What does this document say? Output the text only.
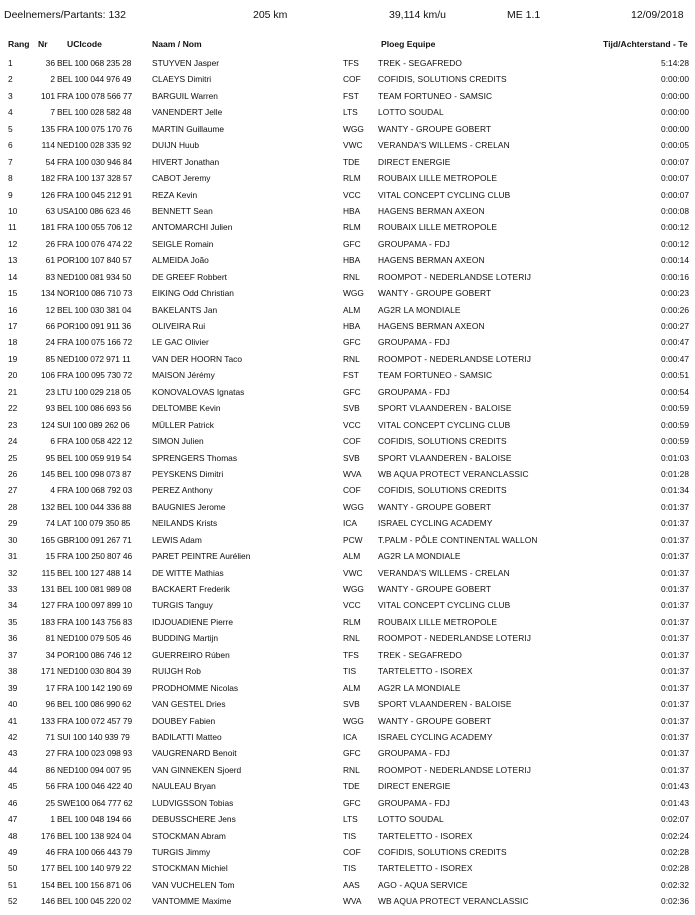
Deelnemers/Partants: 132	205 km	39,114 km/u	ME 1.1	12/09/2018
Rang Nr UCIcode	Naam / Nom	Ploeg Equipe	Tijd/Achterstand - Te
1	36 BEL 100 068 235 28 STUYVEN Jasper	TFS TREK - SEGAFREDO	5:14:28
2	2 BEL 100 044 976 49 CLAEYS Dimitri	COF COFIDIS, SOLUTIONS CREDITS	0:00:00
3	101 FRA 100 078 566 77 BARGUIL Warren	FST TEAM FORTUNEO - SAMSIC	0:00:00
4	7 BEL 100 028 582 48 VANENDERT Jelle	LTS LOTTO SOUDAL	0:00:00
5	135 FRA 100 075 170 76 MARTIN Guillaume	WGG WANTY - GROUPE GOBERT	0:00:00
6	114 NED100 028 335 92 DUIJN Huub	VWC VERANDA'S WILLEMS - CRELAN	0:00:05
7	54 FRA 100 030 946 84 HIVERT Jonathan	TDE DIRECT ENERGIE	0:00:07
8	182 FRA 100 137 328 57 CABOT Jeremy	RLM ROUBAIX LILLE METROPOLE	0:00:07
9	126 FRA 100 045 212 91 REZA Kevin	VCC VITAL CONCEPT CYCLING CLUB	0:00:07
10	63 USA100 086 623 46	BENNETT Sean	HBA HAGENS BERMAN AXEON	0:00:08
11	181 FRA 100 055 706 12 ANTOMARCHI Julien	RLM ROUBAIX LILLE METROPOLE	0:00:12
12	26 FRA 100 076 474 22 SEIGLE Romain	GFC GROUPAMA - FDJ	0:00:12
13	61 POR100 107 840 57 ALMEIDA João	HBA HAGENS BERMAN AXEON	0:00:14
14	83 NED100 081 934 50 DE GREEF Robbert	RNL ROOMPOT - NEDERLANDSE LOTERIJ	0:00:16
15	134 NOR100 086 710 73 EIKING Odd Christian	WGG WANTY - GROUPE GOBERT	0:00:23
16	12 BEL 100 030 381 04 BAKELANTS Jan	ALM AG2R LA MONDIALE	0:00:26
17	66 POR100 091 911 36 OLIVEIRA Rui	HBA HAGENS BERMAN AXEON	0:00:27
18	24 FRA 100 075 166 72 LE GAC Olivier	GFC GROUPAMA - FDJ	0:00:47
19	85 NED100 072 971 11	VAN DER HOORN Taco	RNL ROOMPOT - NEDERLANDSE LOTERIJ	0:00:47
20	106 FRA 100 095 730 72 MAISON Jérémy	FST TEAM FORTUNEO - SAMSIC	0:00:51
21	23 LTU 100 029 218 05	KONOVALOVAS Ignatas	GFC GROUPAMA - FDJ	0:00:54
22	93 BEL 100 086 693 56 DELTOMBE Kevin	SVB SPORT VLAANDEREN - BALOISE	0:00:59
23	124 SUI 100 089 262 06	MÜLLER Patrick	VCC VITAL CONCEPT CYCLING CLUB	0:00:59
24	6 FRA 100 058 422 12 SIMON Julien	COF COFIDIS, SOLUTIONS CREDITS	0:00:59
25	95 BEL 100 059 919 54 SPRENGERS Thomas	SVB SPORT VLAANDEREN - BALOISE	0:01:03
26	145 BEL 100 098 073 87 PEYSKENS Dimitri	WVA WB AQUA PROTECT VERANCLASSIC	0:01:28
27	4 FRA 100 068 792 03 PEREZ Anthony	COF COFIDIS, SOLUTIONS CREDITS	0:01:34
28	132 BEL 100 044 336 88 BAUGNIES Jerome	WGG WANTY - GROUPE GOBERT	0:01:37
29	74 LAT 100 079 350 85	NEILANDS Krists	ICA	ISRAEL CYCLING ACADEMY	0:01:37
30	165 GBR100 091 267 71 LEWIS Adam	PCW T.PALM - PÔLE CONTINENTAL WALLON	0:01:37
31	15 FRA 100 250 807 46 PARET PEINTRE Aurélien	ALM AG2R LA MONDIALE	0:01:37
32	115 BEL 100 127 488 14 DE WITTE Mathias	VWC VERANDA'S WILLEMS - CRELAN	0:01:37
33	131 BEL 100 081 989 08 BACKAERT Frederik	WGG WANTY - GROUPE GOBERT	0:01:37
34	127 FRA 100 097 899 10 TURGIS Tanguy	VCC VITAL CONCEPT CYCLING CLUB	0:01:37
35	183 FRA 100 143 756 83 IDJOUADIENE Pierre	RLM ROUBAIX LILLE METROPOLE	0:01:37
36	81 NED100 079 505 46 BUDDING Martijn	RNL ROOMPOT - NEDERLANDSE LOTERIJ	0:01:37
37	34 POR100 086 746 12 GUERREIRO Rúben	TFS TREK - SEGAFREDO	0:01:37
38	171 NED100 030 804 39 RUIJGH Rob	TIS	TARTELETTO - ISOREX	0:01:37
39	17 FRA 100 142 190 69 PRODHOMME Nicolas	ALM AG2R LA MONDIALE	0:01:37
40	96 BEL 100 086 990 62 VAN GESTEL Dries	SVB SPORT VLAANDEREN - BALOISE	0:01:37
41	133 FRA 100 072 457 79 DOUBEY Fabien	WGG WANTY - GROUPE GOBERT	0:01:37
42	71 SUI 100 140 939 79	BADILATTI Matteo	ICA	ISRAEL CYCLING ACADEMY	0:01:37
43	27 FRA 100 023 098 93 VAUGRENARD Benoit	GFC GROUPAMA - FDJ	0:01:37
44	86 NED100 094 007 95 VAN GINNEKEN Sjoerd	RNL ROOMPOT - NEDERLANDSE LOTERIJ	0:01:37
45	56 FRA 100 046 422 40 NAULEAU Bryan	TDE DIRECT ENERGIE	0:01:43
46	25 SWE100 064 777 62 LUDVIGSSON Tobias	GFC GROUPAMA - FDJ	0:01:43
47	1 BEL 100 048 194 66 DEBUSSCHERE Jens	LTS LOTTO SOUDAL	0:02:07
48	176 BEL 100 138 924 04 STOCKMAN Abram	TIS	TARTELETTO - ISOREX	0:02:24
49	46 FRA 100 066 443 79 TURGIS Jimmy	COF COFIDIS, SOLUTIONS CREDITS	0:02:28
50	177 BEL 100 140 979 22 STOCKMAN Michiel	TIS	TARTELETTO - ISOREX	0:02:28
51	154 BEL 100 156 871 06 VAN VUCHELEN Tom	AAS AGO - AQUA SERVICE	0:02:32
52	146 BEL 100 045 220 02 VANTOMME Maxime	WVA WB AQUA PROTECT VERANCLASSIC	0:02:36
